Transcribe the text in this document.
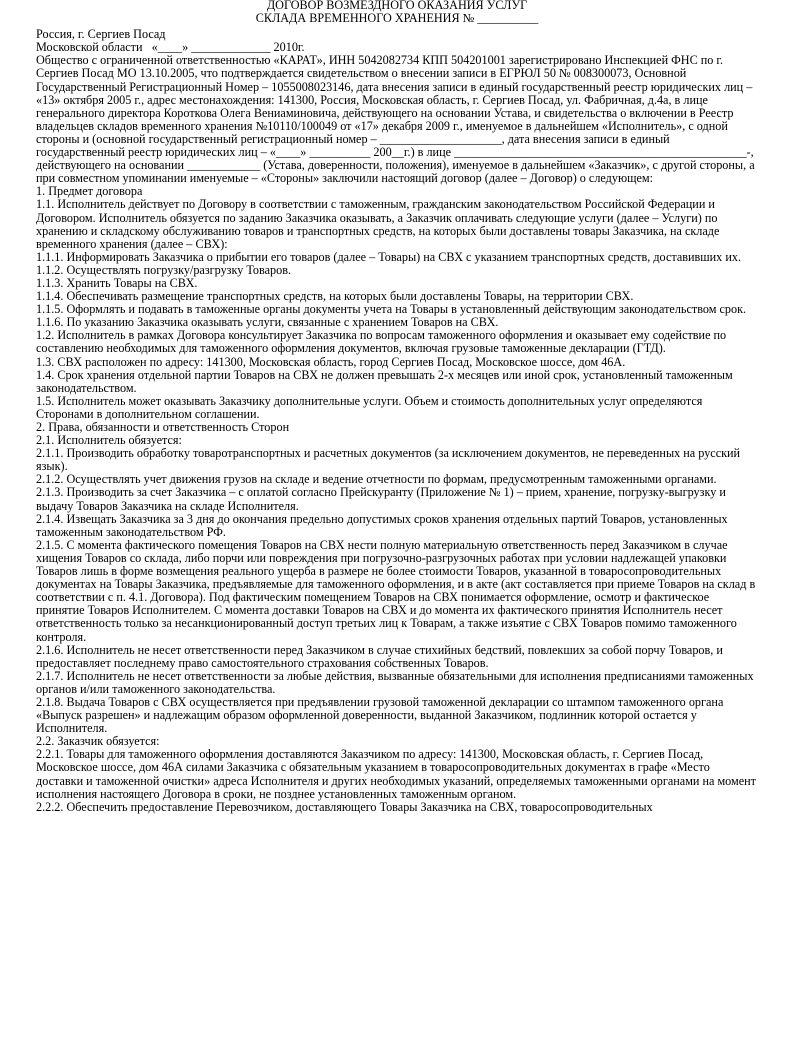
ДОГОВОР ВОЗМЕЗДНОГО ОКАЗАНИЯ УСЛУГ
СКЛАДА ВРЕМЕННОГО ХРАНЕНИЯ № __________

Россия, г. Сергиев Посад

Московской области   «____» _____________ 2010г.

Общество с ограниченной ответственностью «КАРАТ», ИНН 5042082734 КПП 504201001 зарегистрировано Инспекцией ФНС по г. Сергиев Посад МО 13.10.2005, что подтверждается свидетельством о внесении записи в ЕГРЮЛ 50 № 008300073, Основной Государственный Регистрационный Номер – 1055008023146, дата внесения записи в единый государственный реестр юридических лиц – «13» октября 2005 г., адрес местонахождения: 141300, Россия, Московская область, г. Сергиев Посад, ул. Фабричная, д.4а, в лице генерального директора Короткова Олега Вениаминовича, действующего на основании Устава, и свидетельства о включении в Реестр владельцев складов временного хранения №10110/100049 от «17» декабря 2009 г., именуемое в дальнейшем «Исполнитель», с одной стороны и (основной государственный регистрационный номер – ____________________, дата внесения записи в единый государственный реестр юридических лиц – «____» __________ 200__г.) в лице ________________________________________________-, действующего на основании ____________ (Устава, доверенности, положения), именуемое в дальнейшем «Заказчик», с другой стороны, а при совместном упоминании именуемые – «Стороны» заключили настоящий договор (далее – Договор) о следующем:

1. Предмет договора

1.1. Исполнитель действует по Договору в соответствии с таможенным, гражданским законодательством Российской Федерации и Договором. Исполнитель обязуется по заданию Заказчика оказывать, а Заказчик оплачивать следующие услуги (далее – Услуги) по хранению и складскому обслуживанию товаров и транспортных средств, на которых были доставлены товары Заказчика, на складе временного хранения (далее – СВХ):

1.1.1. Информировать Заказчика о прибытии его товаров (далее – Товары) на СВХ с указанием транспортных средств, доставивших их.

1.1.2. Осуществлять погрузку/разгрузку Товаров.

1.1.3. Хранить Товары на СВХ.

1.1.4. Обеспечивать размещение транспортных средств, на которых были доставлены Товары, на территории СВХ.

1.1.5. Оформлять и подавать в таможенные органы документы учета на Товары в установленный действующим законодательством срок.

1.1.6. По указанию Заказчика оказывать услуги, связанные с хранением Товаров на СВХ.

1.2. Исполнитель в рамках Договора консультирует Заказчика по вопросам таможенного оформления и оказывает ему содействие по составлению необходимых для таможенного оформления документов, включая грузовые таможенные декларации (ГТД).

1.3. СВХ расположен по адресу: 141300, Московская область, город Сергиев Посад, Московское шоссе, дом 46А.

1.4. Срок хранения отдельной партии Товаров на СВХ не должен превышать 2-х месяцев или иной срок, установленный таможенным законодательством.

1.5. Исполнитель может оказывать Заказчику дополнительные услуги. Объем и стоимость дополнительных услуг определяются Сторонами в дополнительном соглашении.

2. Права, обязанности и ответственность Сторон

2.1. Исполнитель обязуется:

2.1.1. Производить обработку товаротранспортных и расчетных документов (за исключением документов, не переведенных на русский язык).

2.1.2. Осуществлять учет движения грузов на складе и ведение отчетности по формам, предусмотренным таможенными органами.

2.1.3. Производить за счет Заказчика – с оплатой согласно Прейскуранту (Приложение № 1) – прием, хранение, погрузку-выгрузку и выдачу Товаров Заказчика на складе Исполнителя.

2.1.4. Извещать Заказчика за 3 дня до окончания предельно допустимых сроков хранения отдельных партий Товаров, установленных таможенным законодательством РФ.

2.1.5. С момента фактического помещения Товаров на СВХ нести полную материальную ответственность перед Заказчиком в случае хищения Товаров со склада, либо порчи или повреждения при погрузочно-разгрузочных работах при условии надлежащей упаковки Товаров лишь в форме возмещения реального ущерба в размере не более стоимости Товаров, указанной в товаросопроводительных документах на Товары Заказчика, предъявляемые для таможенного оформления, и в акте (акт составляется при приеме Товаров на склад в соответствии с п. 4.1. Договора). Под фактическим помещением Товаров на СВХ понимается оформление, осмотр и фактическое принятие Товаров Исполнителем. С момента доставки Товаров на СВХ и до момента их фактического принятия Исполнитель несет ответственность только за несанкционированный доступ третьих лиц к Товарам, а также изъятие с СВХ Товаров помимо таможенного контроля.

2.1.6. Исполнитель не несет ответственности перед Заказчиком в случае стихийных бедствий, повлекших за собой порчу Товаров, и предоставляет последнему право самостоятельного страхования собственных Товаров.

2.1.7. Исполнитель не несет ответственности за любые действия, вызванные обязательными для исполнения предписаниями таможенных органов и/или таможенного законодательства.

2.1.8. Выдача Товаров с СВХ осуществляется при предъявлении грузовой таможенной декларации со штампом таможенного органа «Выпуск разрешен» и надлежащим образом оформленной доверенности, выданной Заказчиком, подлинник которой остается у Исполнителя.

2.2. Заказчик обязуется:

2.2.1. Товары для таможенного оформления доставляются Заказчиком по адресу: 141300, Московская область, г. Сергиев Посад, Московское шоссе, дом 46А силами Заказчика с обязательным указанием в товаросопроводительных документах в графе «Место доставки и таможенной очистки» адреса Исполнителя и других необходимых указаний, определяемых таможенными органами на момент исполнения настоящего Договора в сроки, не позднее установленных таможенным органом.

2.2.2. Обеспечить предоставление Перевозчиком, доставляющего Товары Заказчика на СВХ, товаросопроводительных
